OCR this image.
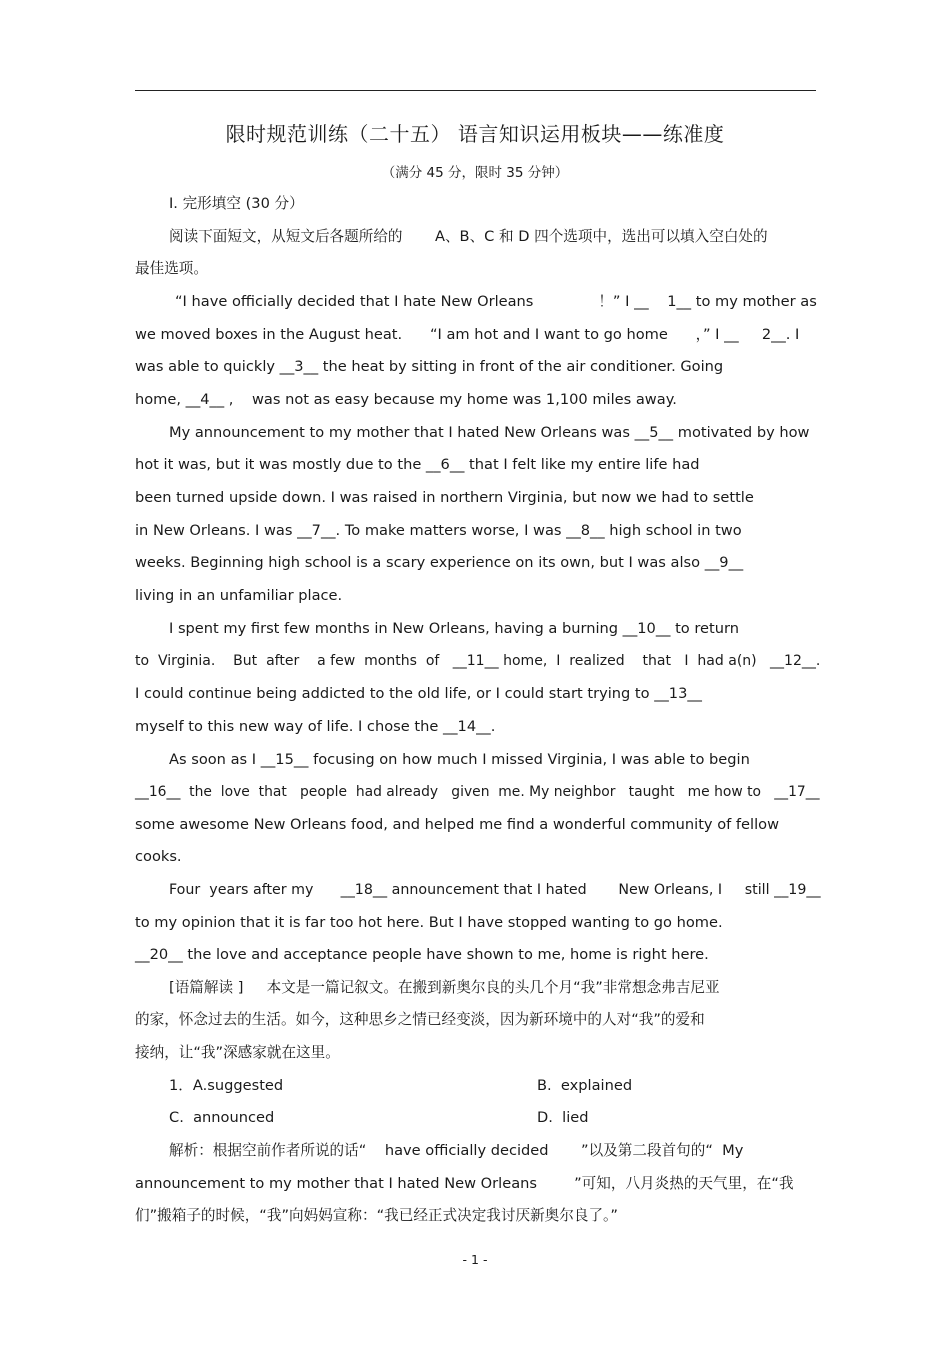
限时规范训练（二十五） 语言知识运用板块——练准度
（满分 45 分，限时 35 分钟）
Ⅰ. 完形填空 (30 分）
阅读下面短文，从短文后各题所给的       A、B、C 和 D 四个选项中，选出可以填入空白处的
最佳选项。
“I have officially decided that I hate New Orleans              ！” I __    1__ to my mother as
we moved boxes in the August heat.      “I am hot and I want to go home      ，” I __     2__. I
was able to quickly __3__ the heat by sitting in front of the air conditioner. Going
home, __4__ ,    was not as easy because my home was 1,100 miles away.
My announcement to my mother that I hated New Orleans was __5__ motivated by how
hot it was, but it was mostly due to the __6__ that I felt like my entire life had
been turned upside down. I was raised in northern Virginia, but now we had to settle
in New Orleans. I was __7__. To make matters worse, I was __8__ high school in two
weeks. Beginning high school is a scary experience on its own, but I was also __9__
living in an unfamiliar place.
I spent my first few months in New Orleans, having a burning __10__ to return
to  Virginia.    But  after    a few  months  of   __11__ home,  I  realized    that   I  had a(n)   __12__.
I could continue being addicted to the old life, or I could start trying to __13__
myself to this new way of life. I chose the __14__.
As soon as I __15__ focusing on how much I missed Virginia, I was able to begin
__16__  the  love  that   people  had already   given  me. My neighbor   taught   me how to   __17__
some awesome New Orleans food, and helped me find a wonderful community of fellow
cooks.
Four  years after my      __18__ announcement that I hated       New Orleans, I     still __19__
to my opinion that it is far too hot here. But I have stopped wanting to go home.
__20__ the love and acceptance people have shown to me, home is right here.
[语篇解读 ]     本文是一篇记叙文。在搬到新奥尔良的头几个月“我”非常想念弗吉尼亚
的家，怀念过去的生活。如今，这种思乡之情已经变淡，因为新环境中的人对“我”的爱和
接纳，让“我”深感家就在这里。
1．A.suggested	B.  explained
C.  announced	D.  lied
解析：根据空前作者所说的话“    have officially decided       ”以及第二段首句的“  My
announcement to my mother that I hated New Orleans        ”可知，八月炎热的天气里，在“我
们”搬箱子的时候，“我”向妈妈宣称：“我已经正式决定我讨厌新奥尔良了。”
- 1 -
